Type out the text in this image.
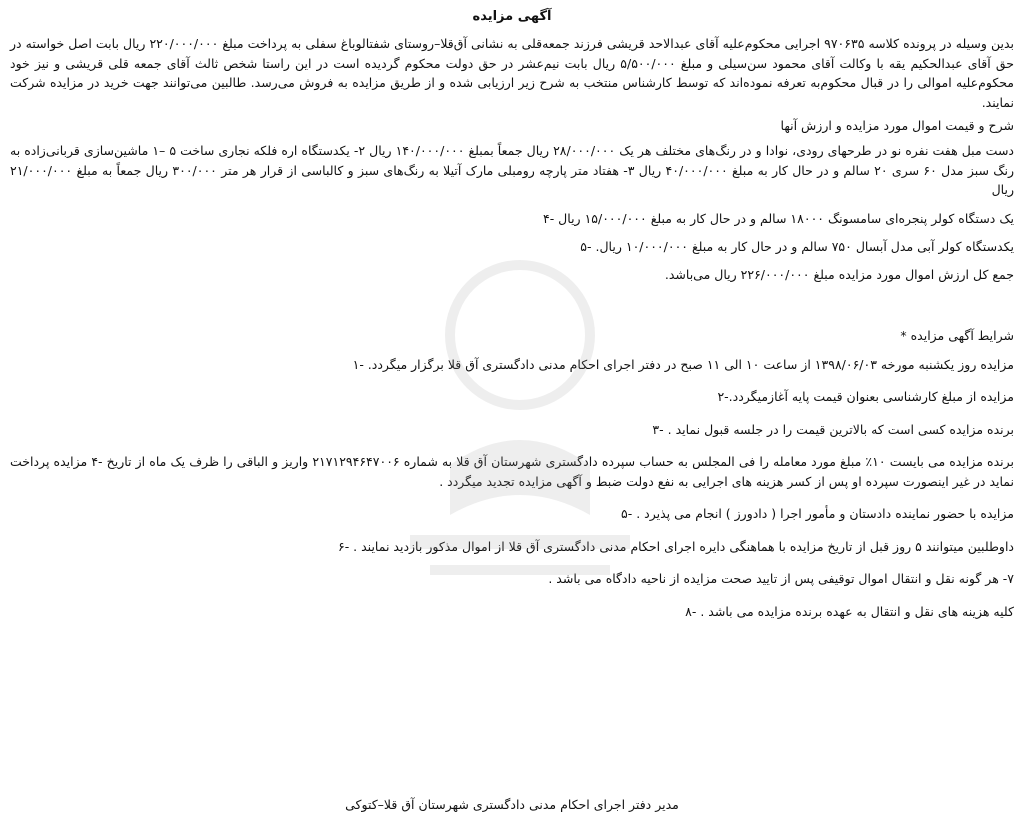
آگهی مزایده

بدین وسیله در پرونده کلاسه ۹۷۰۶۳۵ اجرایی محکوم‌علیه آقای عبدالاحد قریشی فرزند جمعه‌قلی به نشانی آق‌قلا–روستای شفتالوباغ سفلی به پرداخت مبلغ ۲۲۰/۰۰۰/۰۰۰ ریال بابت اصل خواسته در حق آقای عبدالحکیم یقه با وکالت آقای محمود سن‌سیلی و مبلغ ۵/۵۰۰/۰۰۰ ریال بابت نیم‌عشر در حق دولت محکوم گردیده است در این راستا شخص ثالث آقای جمعه قلی قریشی و نیز خود محکوم‌علیه اموالی را در قبال محکوم‌به تعرفه نموده‌اند که توسط کارشناس منتخب به شرح زیر ارزیابی شده و از طریق مزایده به فروش می‌رسد. طالبین می‌توانند جهت خرید در مزایده شرکت نمایند.

شرح و قیمت اموال مورد مزایده و ارزش آنها
دست مبل هفت نفره نو در طرحهای رودی، نوادا و در رنگ‌های مختلف هر یک ۲۸/۰۰۰/۰۰۰ ریال جمعاً بمبلغ ۱۴۰/۰۰۰/۰۰۰ ریال ۲- یکدستگاه اره فلکه نجاری ساخت ۵ –۱ ماشین‌سازی قربانی‌زاده به رنگ سبز مدل ۶۰ سری ۲۰ سالم و در حال کار به مبلغ ۴۰/۰۰۰/۰۰۰ ریال ۳- هفتاد متر پارچه رومبلی مارک آتیلا به رنگ‌های سبز و کالباسی از قرار هر متر ۳۰۰/۰۰۰ ریال جمعاً به مبلغ ۲۱/۰۰۰/۰۰۰ ریال
یک دستگاه کولر پنجره‌ای سامسونگ ۱۸۰۰۰ سالم و در حال کار به مبلغ ۱۵/۰۰۰/۰۰۰ ریال -۴
یکدستگاه کولر آبی مدل آبسال ۷۵۰ سالم و در حال کار به مبلغ ۱۰/۰۰۰/۰۰۰ ریال. -۵
جمع کل ارزش اموال مورد مزایده مبلغ ۲۲۶/۰۰۰/۰۰۰ ریال می‌باشد.
شرایط آگهی مزایده *
مزایده روز یکشنبه مورخه ۱۳۹۸/۰۶/۰۳ از ساعت ۱۰ الی ۱۱ صبح در دفتر اجرای احکام مدنی دادگستری آق قلا برگزار میگردد. -۱
مزایده از مبلغ کارشناسی بعنوان قیمت پایه آغازمیگردد.-۲
برنده مزایده کسی است که بالاترین قیمت را در جلسه قبول نماید . -۳
برنده مزایده می بایست ۱۰٪ مبلغ مورد معامله را فی المجلس به حساب سپرده دادگستری شهرستان آق قلا به شماره ۲۱۷۱۲۹۴۶۴۷۰۰۶ واریز و الباقی را ظرف یک ماه از تاریخ -۴ مزایده پرداخت نماید در غیر اینصورت سپرده او پس از کسر هزینه های اجرایی به نفع دولت ضبط و آگهی مزایده تجدید میگردد .
مزایده با حضور نماینده دادستان و مأمور اجرا ( دادورز ) انجام می پذیرد . -۵
داوطلبین میتوانند ۵ روز قبل از تاریخ مزایده با هماهنگی دایره اجرای احکام مدنی دادگستری آق قلا از اموال مذکور بازدید نمایند . -۶
۷- هر گونه نقل و انتقال اموال توقیفی پس از تایید صحت مزایده از ناحیه دادگاه می باشد .
کلیه هزینه های نقل و انتقال به عهده برنده مزایده می باشد . -۸
مدیر دفتر اجرای احکام مدنی دادگستری شهرستان آق قلا–کتوکی
